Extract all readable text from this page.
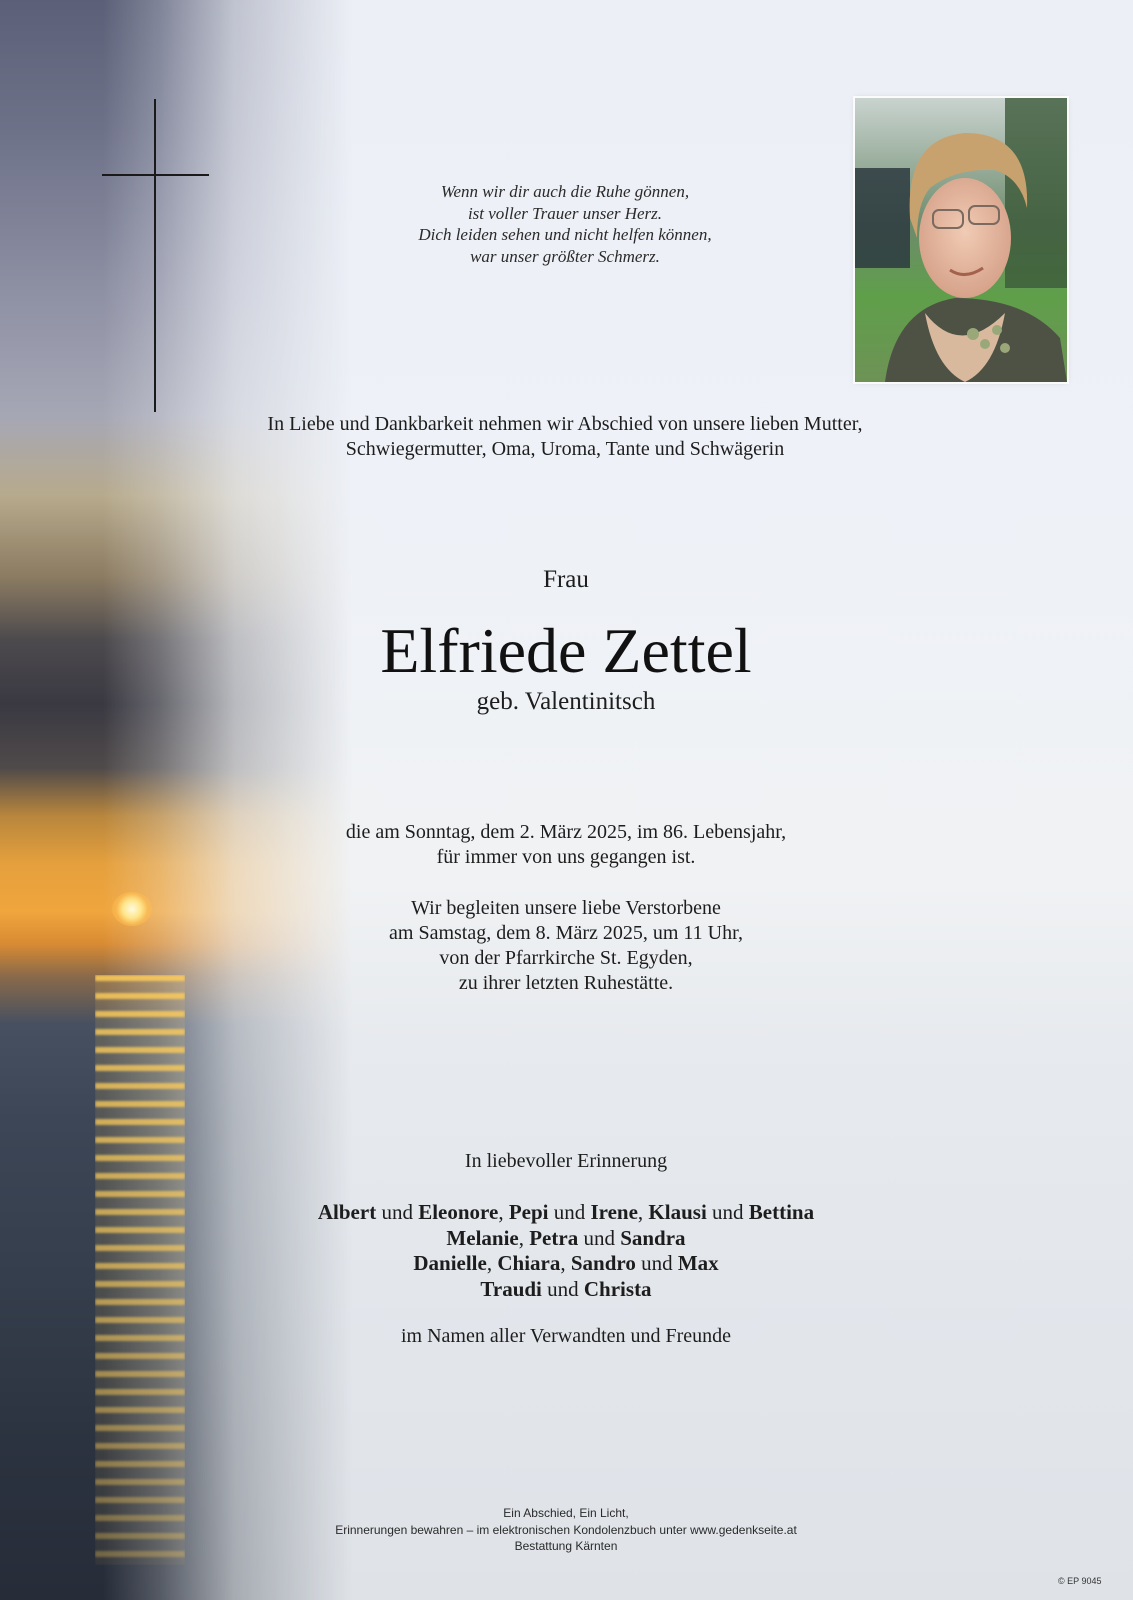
Wenn wir dir auch die Ruhe gönnen,
ist voller Trauer unser Herz.
Dich leiden sehen und nicht helfen können,
war unser größter Schmerz.
In Liebe und Dankbarkeit nehmen wir Abschied von unsere lieben Mutter,
Schwiegermutter, Oma, Uroma, Tante und Schwägerin
Frau
Elfriede Zettel
geb. Valentinitsch
die am Sonntag, dem 2. März 2025, im 86. Lebensjahr,
für immer von uns gegangen ist.
Wir begleiten unsere liebe Verstorbene
am Samstag, dem 8. März 2025, um 11 Uhr,
von der Pfarrkirche St. Egyden,
zu ihrer letzten Ruhestätte.
In liebevoller Erinnerung
Albert und Eleonore, Pepi und Irene, Klausi und Bettina
Melanie, Petra und Sandra
Danielle, Chiara, Sandro und Max
Traudi und Christa
im Namen aller Verwandten und Freunde
Ein Abschied, Ein Licht,
Erinnerungen bewahren – im elektronischen Kondolenzbuch unter www.gedenkseite.at
Bestattung Kärnten
© EP 9045
